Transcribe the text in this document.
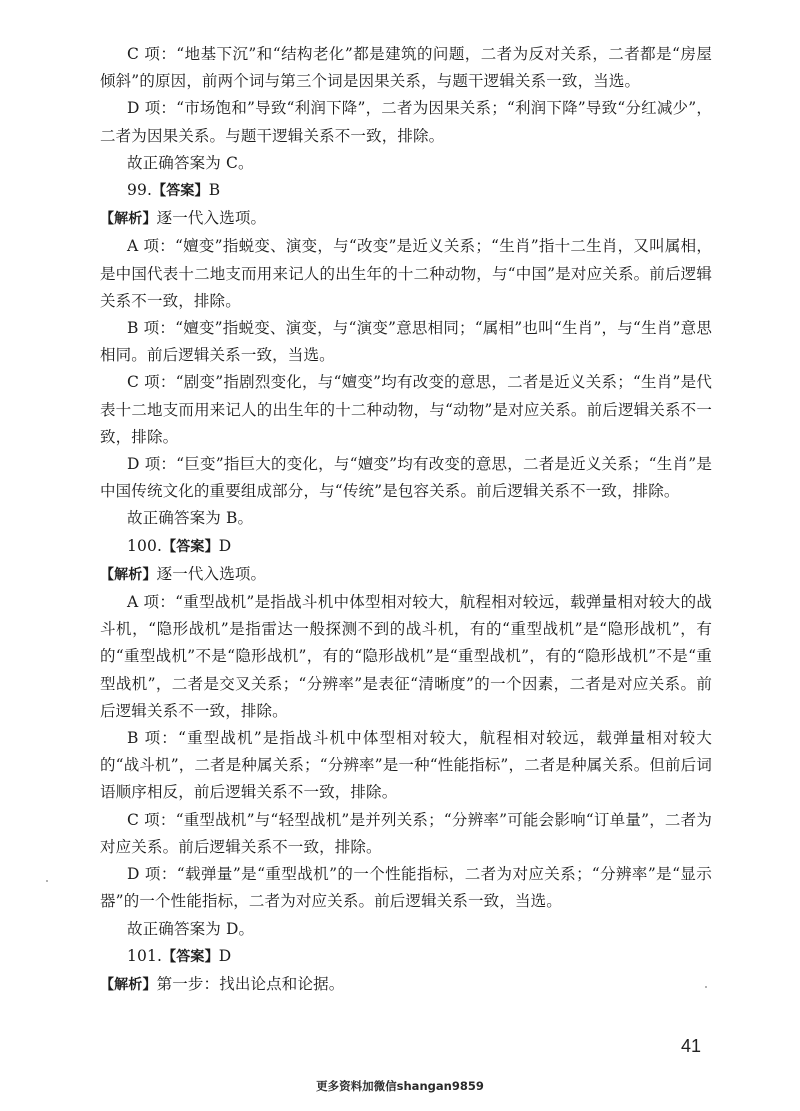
C 项：“地基下沉”和“结构老化”都是建筑的问题，二者为反对关系，二者都是“房屋倾斜”的原因，前两个词与第三个词是因果关系，与题干逻辑关系一致，当选。

D 项：“市场饱和”导致“利润下降”，二者为因果关系；“利润下降”导致“分红减少”，二者为因果关系。与题干逻辑关系不一致，排除。

故正确答案为 C。

99.【答案】B

【解析】逐一代入选项。

A 项：“嬗变”指蜕变、演变，与“改变”是近义关系；“生肖”指十二生肖，又叫属相，是中国代表十二地支而用来记人的出生年的十二种动物，与“中国”是对应关系。前后逻辑关系不一致，排除。

B 项：“嬗变”指蜕变、演变，与“演变”意思相同；“属相”也叫“生肖”，与“生肖”意思相同。前后逻辑关系一致，当选。

C 项：“剧变”指剧烈变化，与“嬗变”均有改变的意思，二者是近义关系；“生肖”是代表十二地支而用来记人的出生年的十二种动物，与“动物”是对应关系。前后逻辑关系不一致，排除。

D 项：“巨变”指巨大的变化，与“嬗变”均有改变的意思，二者是近义关系；“生肖”是中国传统文化的重要组成部分，与“传统”是包容关系。前后逻辑关系不一致，排除。

故正确答案为 B。

100.【答案】D

【解析】逐一代入选项。

A 项：“重型战机”是指战斗机中体型相对较大，航程相对较远，载弹量相对较大的战斗机，“隐形战机”是指雷达一般探测不到的战斗机，有的“重型战机”是“隐形战机”，有的“重型战机”不是“隐形战机”，有的“隐形战机”是“重型战机”，有的“隐形战机”不是“重型战机”，二者是交叉关系；“分辨率”是表征“清晰度”的一个因素，二者是对应关系。前后逻辑关系不一致，排除。

B 项：“重型战机”是指战斗机中体型相对较大，航程相对较远，载弹量相对较大的“战斗机”，二者是种属关系；“分辨率”是一种“性能指标”，二者是种属关系。但前后词语顺序相反，前后逻辑关系不一致，排除。

C 项：“重型战机”与“轻型战机”是并列关系；“分辨率”可能会影响“订单量”，二者为对应关系。前后逻辑关系不一致，排除。

D 项：“载弹量”是“重型战机”的一个性能指标，二者为对应关系；“分辨率”是“显示器”的一个性能指标，二者为对应关系。前后逻辑关系一致，当选。

故正确答案为 D。

101.【答案】D

【解析】第一步：找出论点和论据。

41
更多资料加微信shangan9859
